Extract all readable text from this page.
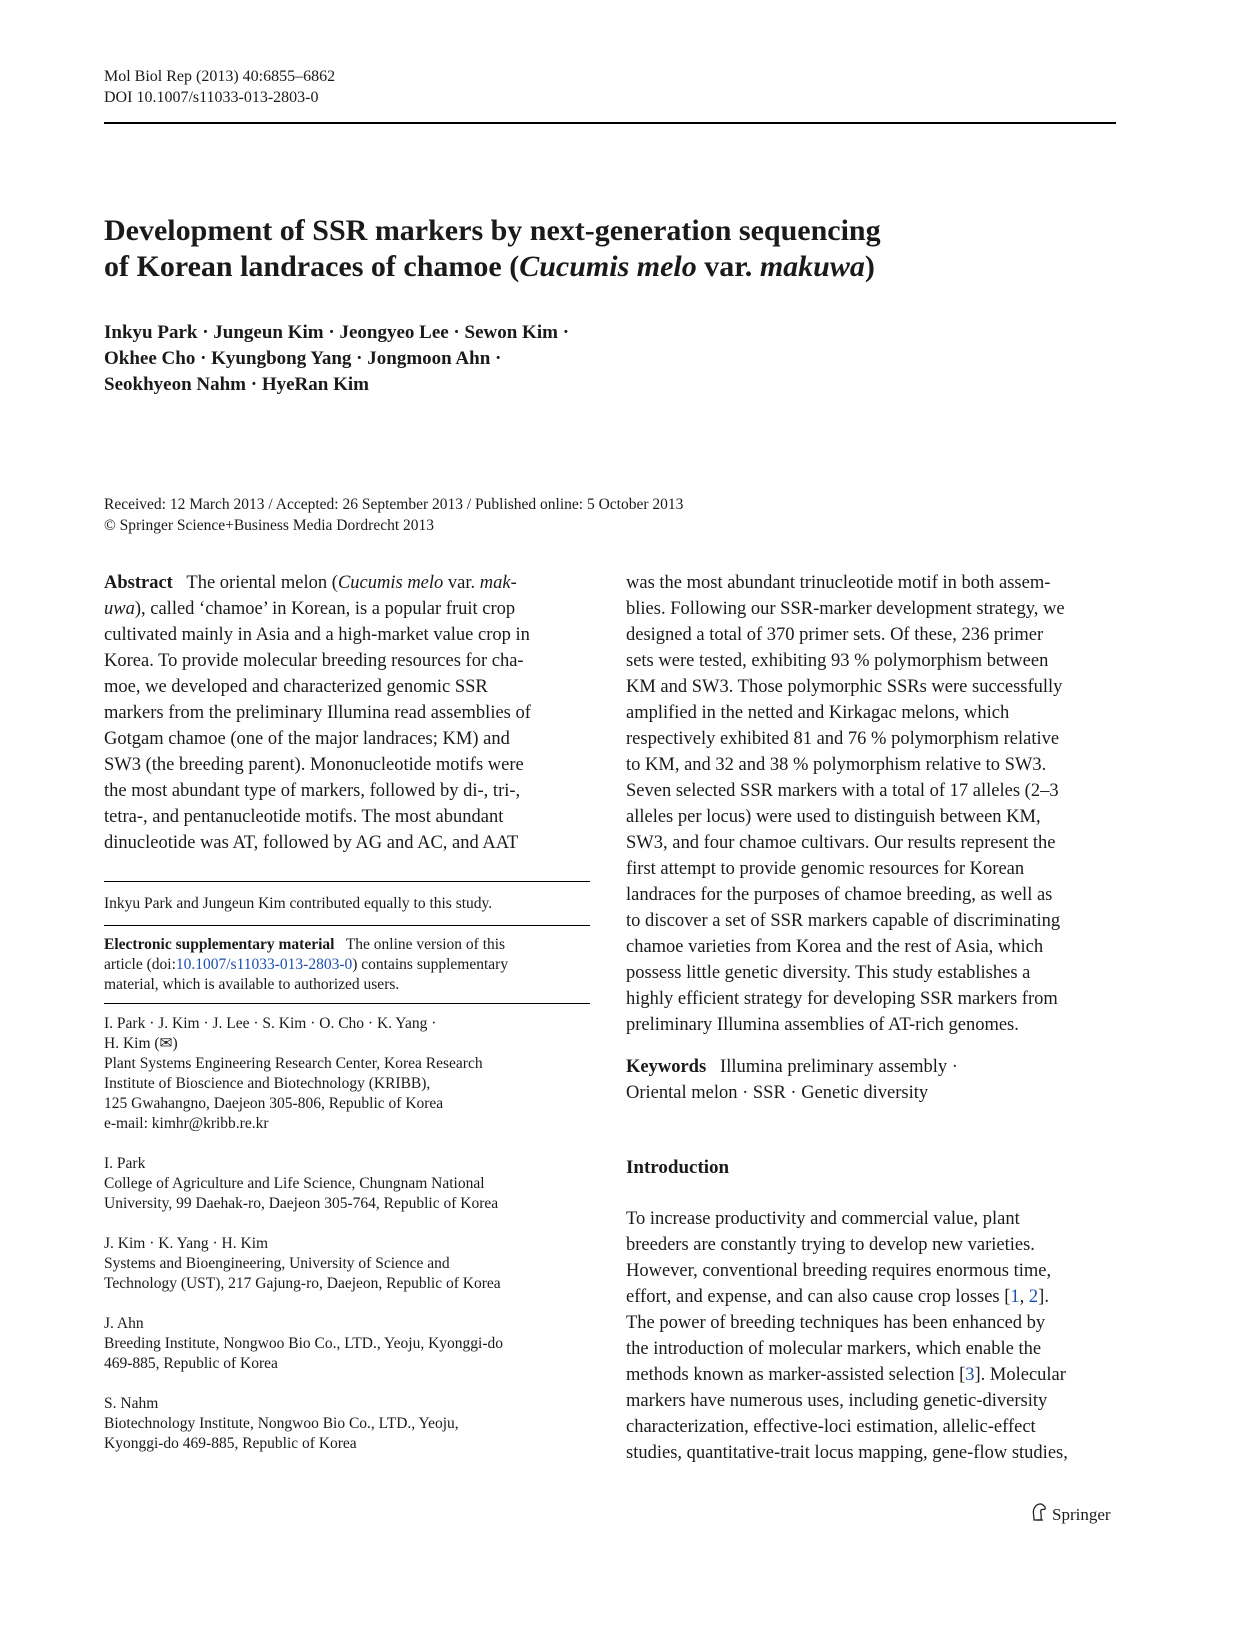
Mol Biol Rep (2013) 40:6855–6862
DOI 10.1007/s11033-013-2803-0
Development of SSR markers by next-generation sequencing
of Korean landraces of chamoe (Cucumis melo var. makuwa)
Inkyu Park · Jungeun Kim · Jeongyeo Lee · Sewon Kim ·
Okhee Cho · Kyungbong Yang · Jongmoon Ahn ·
Seokhyeon Nahm · HyeRan Kim
Received: 12 March 2013 / Accepted: 26 September 2013 / Published online: 5 October 2013
© Springer Science+Business Media Dordrecht 2013
Abstract The oriental melon (Cucumis melo var. mak-
uwa), called ‘chamoe’ in Korean, is a popular fruit crop
cultivated mainly in Asia and a high-market value crop in
Korea. To provide molecular breeding resources for cha-
moe, we developed and characterized genomic SSR
markers from the preliminary Illumina read assemblies of
Gotgam chamoe (one of the major landraces; KM) and
SW3 (the breeding parent). Mononucleotide motifs were
the most abundant type of markers, followed by di-, tri-,
tetra-, and pentanucleotide motifs. The most abundant
dinucleotide was AT, followed by AG and AC, and AAT
Inkyu Park and Jungeun Kim contributed equally to this study.
Electronic supplementary material The online version of this
article (doi:10.1007/s11033-013-2803-0) contains supplementary
material, which is available to authorized users.
I. Park · J. Kim · J. Lee · S. Kim · O. Cho · K. Yang ·
H. Kim (✉)
Plant Systems Engineering Research Center, Korea Research
Institute of Bioscience and Biotechnology (KRIBB),
125 Gwahangno, Daejeon 305-806, Republic of Korea
e-mail: kimhr@kribb.re.kr
I. Park
College of Agriculture and Life Science, Chungnam National
University, 99 Daehak-ro, Daejeon 305-764, Republic of Korea
J. Kim · K. Yang · H. Kim
Systems and Bioengineering, University of Science and
Technology (UST), 217 Gajung-ro, Daejeon, Republic of Korea
J. Ahn
Breeding Institute, Nongwoo Bio Co., LTD., Yeoju, Kyonggi-do
469-885, Republic of Korea
S. Nahm
Biotechnology Institute, Nongwoo Bio Co., LTD., Yeoju,
Kyonggi-do 469-885, Republic of Korea
was the most abundant trinucleotide motif in both assem-
blies. Following our SSR-marker development strategy, we
designed a total of 370 primer sets. Of these, 236 primer
sets were tested, exhibiting 93 % polymorphism between
KM and SW3. Those polymorphic SSRs were successfully
amplified in the netted and Kirkagac melons, which
respectively exhibited 81 and 76 % polymorphism relative
to KM, and 32 and 38 % polymorphism relative to SW3.
Seven selected SSR markers with a total of 17 alleles (2–3
alleles per locus) were used to distinguish between KM,
SW3, and four chamoe cultivars. Our results represent the
first attempt to provide genomic resources for Korean
landraces for the purposes of chamoe breeding, as well as
to discover a set of SSR markers capable of discriminating
chamoe varieties from Korea and the rest of Asia, which
possess little genetic diversity. This study establishes a
highly efficient strategy for developing SSR markers from
preliminary Illumina assemblies of AT-rich genomes.
Keywords Illumina preliminary assembly ·
Oriental melon · SSR · Genetic diversity
Introduction
To increase productivity and commercial value, plant
breeders are constantly trying to develop new varieties.
However, conventional breeding requires enormous time,
effort, and expense, and can also cause crop losses [1, 2].
The power of breeding techniques has been enhanced by
the introduction of molecular markers, which enable the
methods known as marker-assisted selection [3]. Molecular
markers have numerous uses, including genetic-diversity
characterization, effective-loci estimation, allelic-effect
studies, quantitative-trait locus mapping, gene-flow studies,
Springer
